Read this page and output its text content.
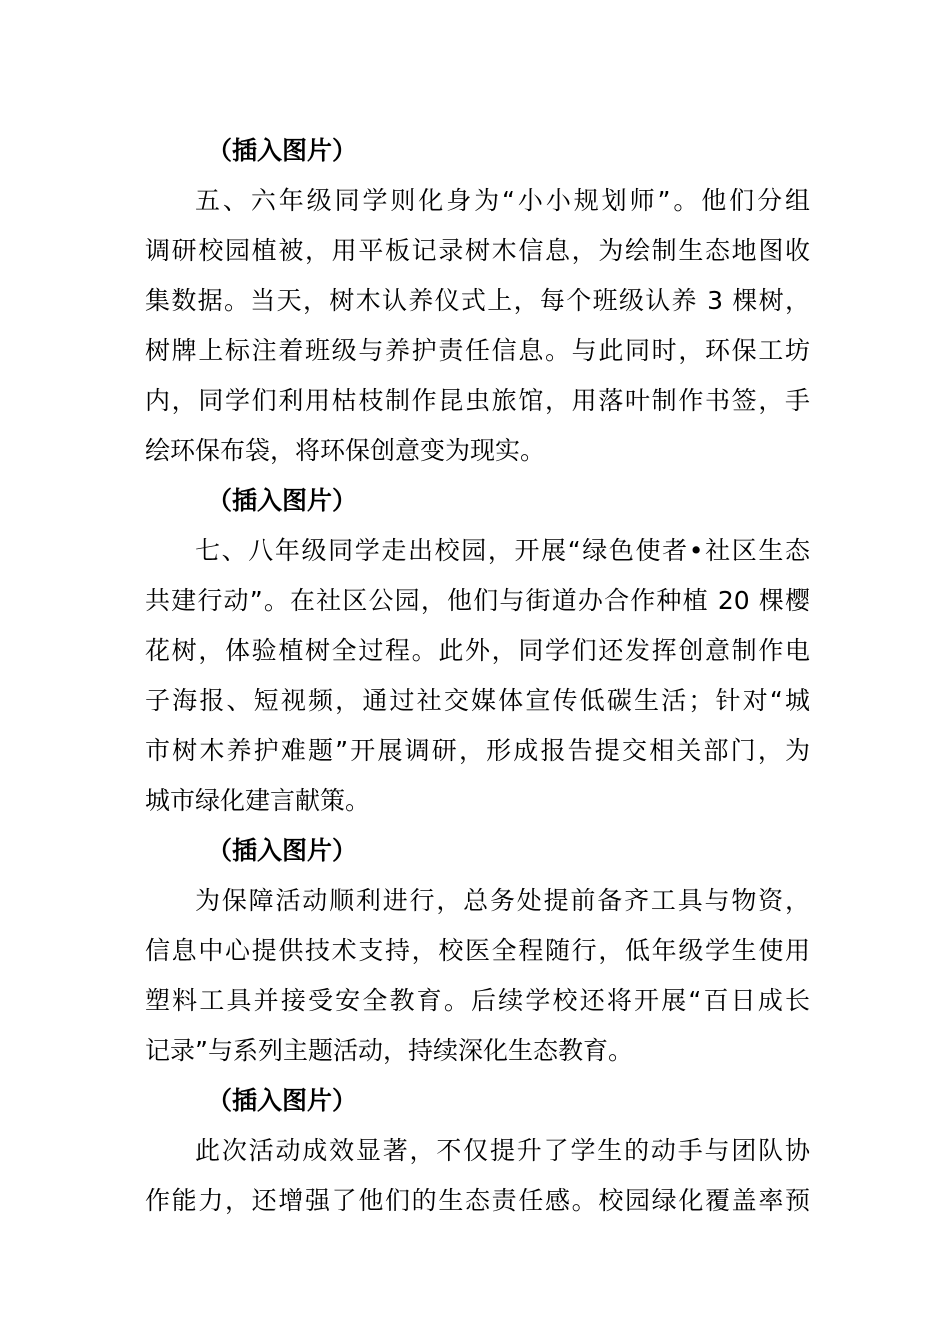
（插入图片）
五、六年级同学则化身为“小小规划师”。他们分组
调研校园植被，用平板记录树木信息，为绘制生态地图收
集数据。当天，树木认养仪式上，每个班级认养 3 棵树，
树牌上标注着班级与养护责任信息。与此同时，环保工坊
内，同学们利用枯枝制作昆虫旅馆，用落叶制作书签，手
绘环保布袋，将环保创意变为现实。
（插入图片）
七、八年级同学走出校园，开展“绿色使者•社区生态
共建行动”。在社区公园，他们与街道办合作种植 20 棵樱
花树，体验植树全过程。此外，同学们还发挥创意制作电
子海报、短视频，通过社交媒体宣传低碳生活；针对“城
市树木养护难题”开展调研，形成报告提交相关部门，为
城市绿化建言献策。
（插入图片）
为保障活动顺利进行，总务处提前备齐工具与物资，
信息中心提供技术支持，校医全程随行，低年级学生使用
塑料工具并接受安全教育。后续学校还将开展“百日成长
记录”与系列主题活动，持续深化生态教育。
（插入图片）
此次活动成效显著，不仅提升了学生的动手与团队协
作能力，还增强了他们的生态责任感。校园绿化覆盖率预
